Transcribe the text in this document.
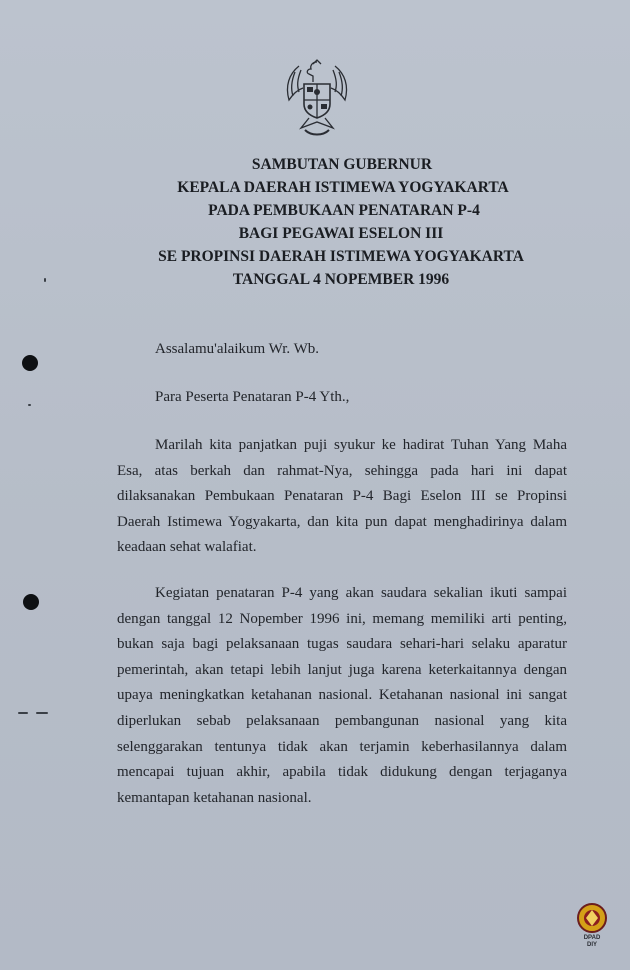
SAMBUTAN GUBERNUR
KEPALA DAERAH ISTIMEWA YOGYAKARTA
PADA PEMBUKAAN PENATARAN P-4
BAGI PEGAWAI ESELON III
SE PROPINSI DAERAH ISTIMEWA YOGYAKARTA
TANGGAL 4 NOPEMBER 1996
Assalamu'alaikum Wr. Wb.
Para Peserta Penataran P-4 Yth.,
Marilah kita panjatkan puji syukur ke hadirat Tuhan Yang Maha Esa, atas berkah dan rahmat-Nya, sehingga pada hari ini dapat dilaksanakan Pembukaan Penataran P-4 Bagi Eselon III se Propinsi Daerah Istimewa Yogyakarta, dan kita pun dapat menghadirinya dalam keadaan sehat walafiat.
Kegiatan penataran P-4 yang akan saudara sekalian ikuti sampai dengan tanggal 12 Nopember 1996 ini, memang memiliki arti penting, bukan saja bagi pelaksanaan tugas saudara sehari-hari selaku aparatur pemerintah, akan tetapi lebih lanjut juga karena keterkaitannya dengan upaya meningkatkan ketahanan nasional. Ketahanan nasional ini sangat diperlukan sebab pelaksanaan pembangunan nasional yang kita selenggarakan tentunya tidak akan terjamin keberhasilannya dalam mencapai tujuan akhir, apabila tidak didukung dengan terjaganya kemantapan ketahanan nasional.
DPAD
DIY
